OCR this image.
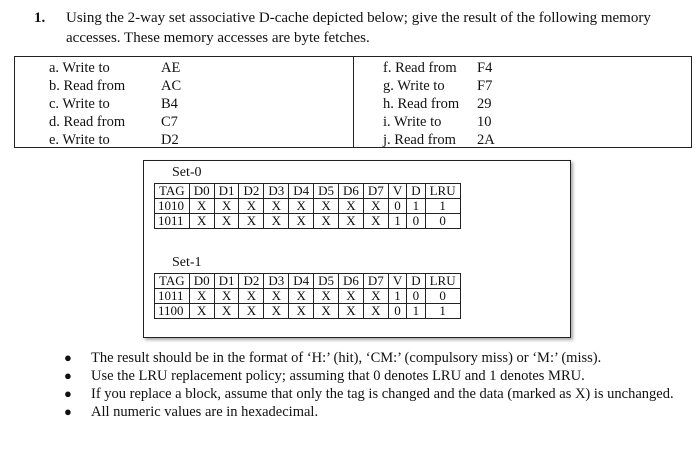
1. Using the 2-way set associative D-cache depicted below; give the result of the following memory accesses. These memory accesses are byte fetches.
a. Write to	AE
b. Read from	AC
c. Write to	B4
d. Read from	C7
e. Write to	D2
f. Read from	F4
g. Write to	F7
h. Read from	29
i. Write to	10
j. Read from	2A
Set-0
TAG	D0	D1	D2	D3	D4	D5	D6	D7	V	D	LRU
1010	X	X	X	X	X	X	X	X	0	1	1
1011	X	X	X	X	X	X	X	X	1	0	0
Set-1
TAG	D0	D1	D2	D3	D4	D5	D6	D7	V	D	LRU
1011	X	X	X	X	X	X	X	X	1	0	0
1100	X	X	X	X	X	X	X	X	0	1	1
● The result should be in the format of ‘H:’ (hit), ‘CM:’ (compulsory miss) or ‘M:’ (miss).
● Use the LRU replacement policy; assuming that 0 denotes LRU and 1 denotes MRU.
● If you replace a block, assume that only the tag is changed and the data (marked as X) is unchanged.
● All numeric values are in hexadecimal.
